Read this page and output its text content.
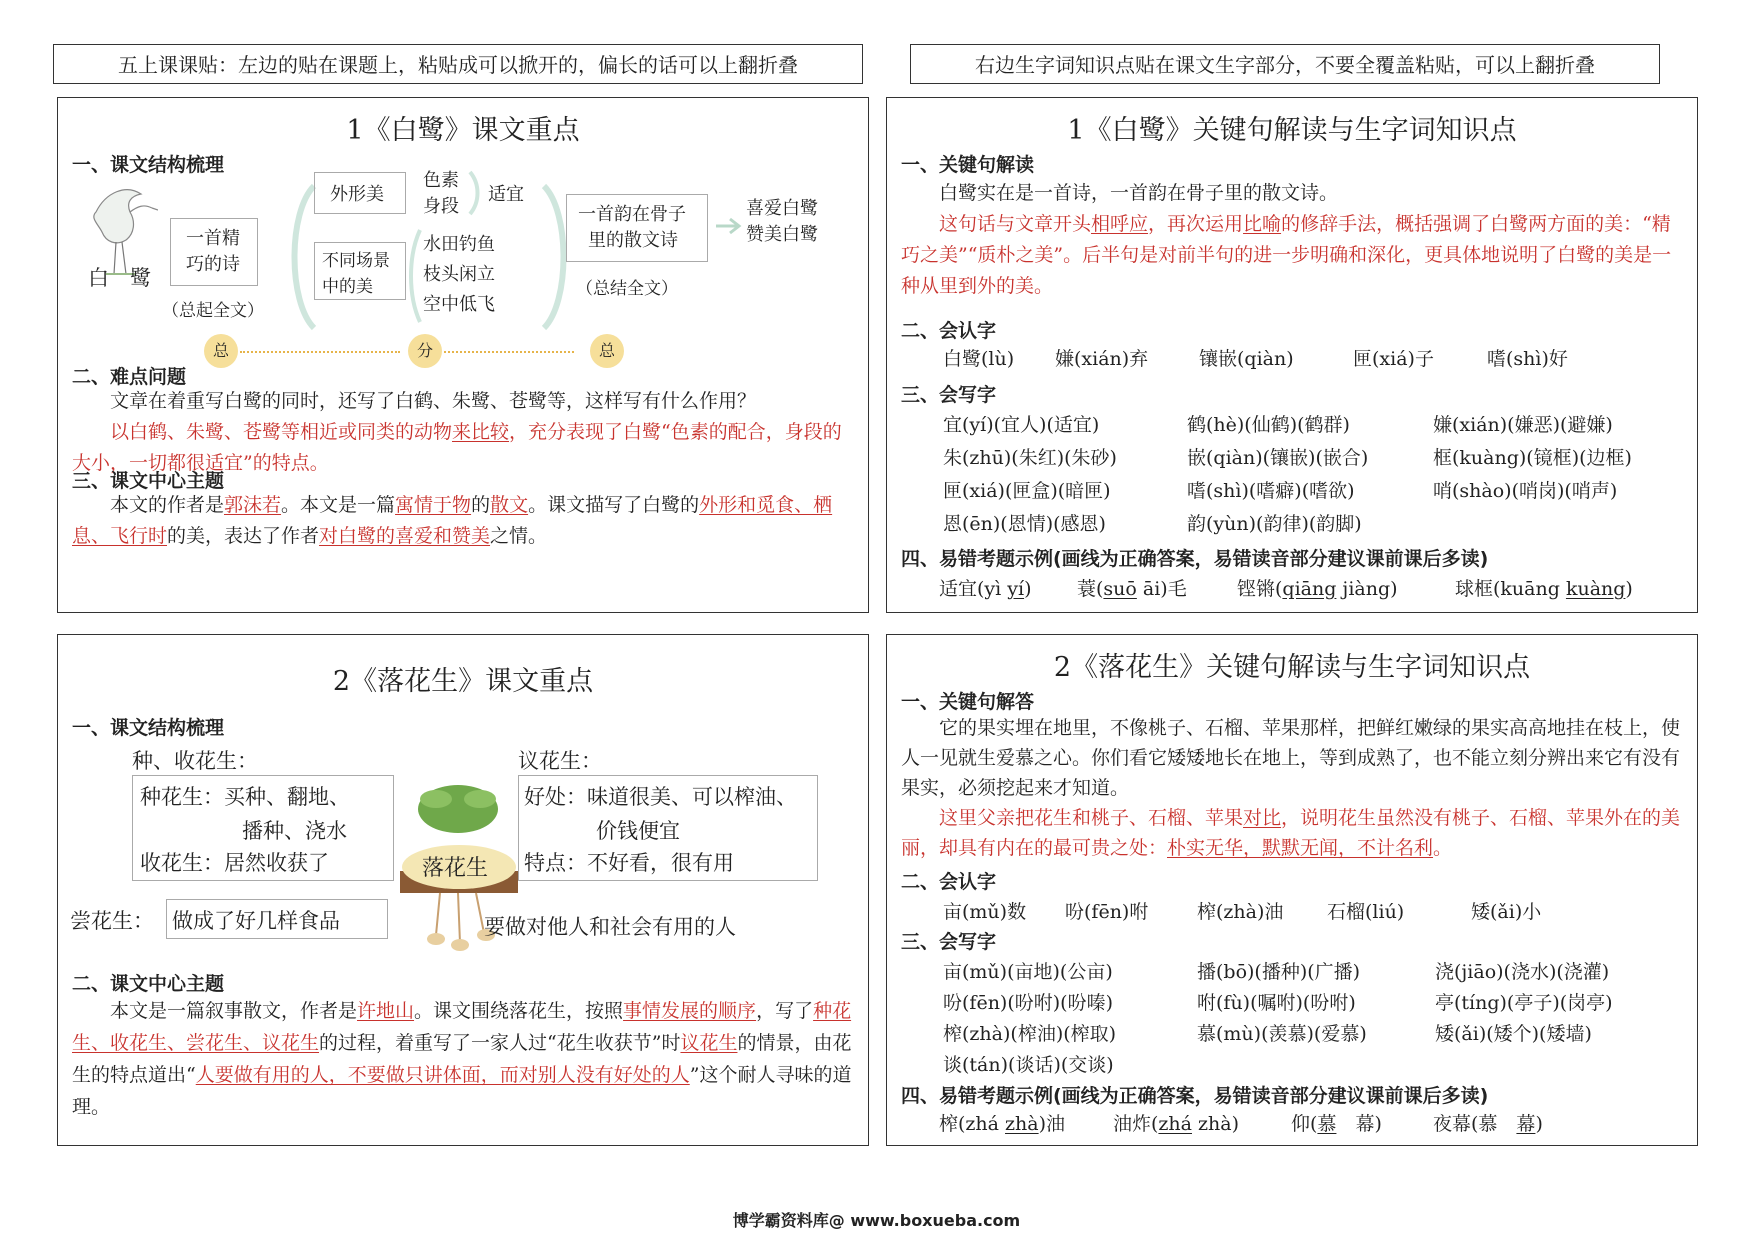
五上课课贴：左边的贴在课题上，粘贴成可以掀开的，偏长的话可以上翻折叠	右边生字词知识点贴在课文生字部分，不要全覆盖粘贴，可以上翻折叠
1《白鹭》课文重点
一、课文结构梳理
白　鹭
一首精
巧的诗
（总起全文）
外形美
色素
身段
适宜
不同场景
中的美
水田钓鱼
枝头闲立
空中低飞
一首韵在骨子
里的散文诗
（总结全文）
喜爱白鹭
赞美白鹭
总	分	总
二、难点问题
文章在着重写白鹭的同时，还写了白鹤、朱鹭、苍鹭等，这样写有什么作用？
以白鹤、朱鹭、苍鹭等相近或同类的动物来比较，充分表现了白鹭“色素的配合，身段的大小，一切都很适宜”的特点。
三、课文中心主题
本文的作者是郭沫若。本文是一篇寓情于物的散文。课文描写了白鹭的外形和觅食、栖息、飞行时的美，表达了作者对白鹭的喜爱和赞美之情。
1《白鹭》关键句解读与生字词知识点
一、关键句解读
白鹭实在是一首诗，一首韵在骨子里的散文诗。
这句话与文章开头相呼应，再次运用比喻的修辞手法，概括强调了白鹭两方面的美：“精巧之美”“质朴之美”。后半句是对前半句的进一步明确和深化，更具体地说明了白鹭的美是一种从里到外的美。
二、会认字
白鹭(lù) 嫌(xián)弃	镶嵌(qiàn)	匣(xiá)子	嗜(shì)好
三、会写字
宜(yí)(宜人)(适宜)	鹤(hè)(仙鹤)(鹤群)	嫌(xián)(嫌恶)(避嫌)
朱(zhū)(朱红)(朱砂)	嵌(qiàn)(镶嵌)(嵌合)	框(kuàng)(镜框)(边框)
匣(xiá)(匣盒)(暗匣)	嗜(shì)(嗜癖)(嗜欲)	哨(shào)(哨岗)(哨声)
恩(ēn)(恩情)(感恩)	韵(yùn)(韵律)(韵脚)
四、易错考题示例(画线为正确答案，易错读音部分建议课前课后多读)
适宜(yì yí) 蓑(suō āi)毛	铿锵(qiāng jiàng)	球框(kuāng kuàng)
2《落花生》课文重点
一、课文结构梳理
种、收花生：	议花生：
种花生：买种、翻地、
播种、浇水
收花生：居然收获了	落花生
好处：味道很美、可以榨油、
价钱便宜
特点：不好看，很有用
尝花生： 做成了好几样食品	要做对他人和社会有用的人
二、课文中心主题
本文是一篇叙事散文，作者是许地山。课文围绕落花生，按照事情发展的顺序，写了种花生、收花生、尝花生、议花生的过程，着重写了一家人过“花生收获节”时议花生的情景，由花生的特点道出“人要做有用的人，不要做只讲体面，而对别人没有好处的人”这个耐人寻味的道理。
2《落花生》关键句解读与生字词知识点
一、关键句解答
它的果实埋在地里，不像桃子、石榴、苹果那样，把鲜红嫩绿的果实高高地挂在枝上，使人一见就生爱慕之心。你们看它矮矮地长在地上，等到成熟了，也不能立刻分辨出来它有没有果实，必须挖起来才知道。
这里父亲把花生和桃子、石榴、苹果对比，说明花生虽然没有桃子、石榴、苹果外在的美丽，却具有内在的最可贵之处：朴实无华，默默无闻，不计名利。
二、会认字
亩(mǔ)数 吩(fēn)咐	榨(zhà)油 石榴(liú)	矮(ǎi)小
三、会写字
亩(mǔ)(亩地)(公亩)	播(bō)(播种)(广播)	浇(jiāo)(浇水)(浇灌)
吩(fēn)(吩咐)(吩嗪)	咐(fù)(嘱咐)(吩咐)	亭(tíng)(亭子)(岗亭)
榨(zhà)(榨油)(榨取)	慕(mù)(羡慕)(爱慕)	矮(ǎi)(矮个)(矮墙)
谈(tán)(谈话)(交谈)
四、易错考题示例(画线为正确答案，易错读音部分建议课前课后多读)
榨(zhá zhà)油	油炸(zhá zhà)	仰(慕　幕)	夜幕(慕　幕)
博学霸资料库@ www.boxueba.com
